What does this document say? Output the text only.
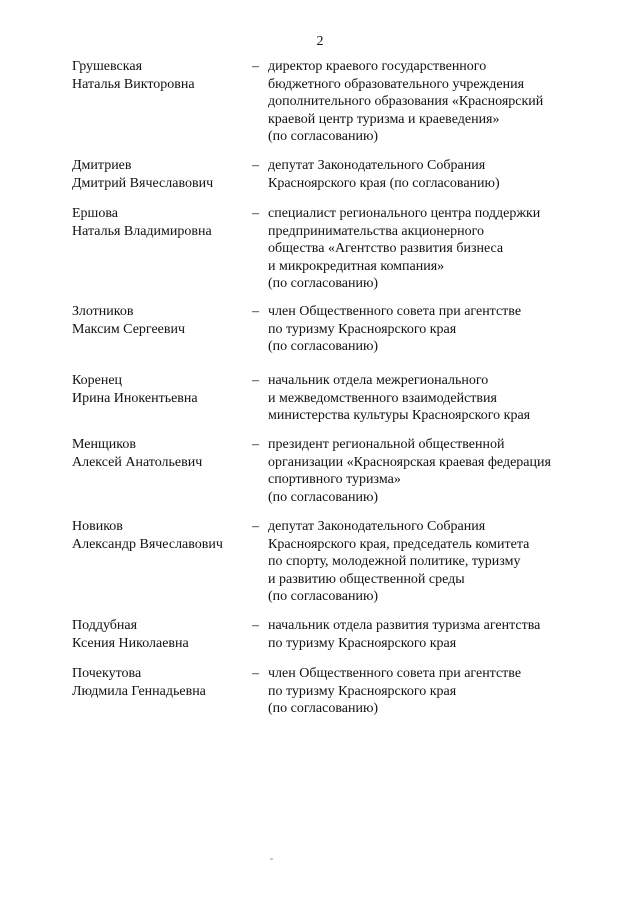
2
Грушевская
Наталья Викторовна
– директор краевого государственного
бюджетного образовательного учреждения
дополнительного образования «Красноярский
краевой центр туризма и краеведения»
(по согласованию)
Дмитриев
Дмитрий Вячеславович
– депутат Законодательного Собрания
Красноярского края (по согласованию)
Ершова
Наталья Владимировна
– специалист регионального центра поддержки
предпринимательства акционерного
общества «Агентство развития бизнеса
и микрокредитная компания»
(по согласованию)
Злотников
Максим Сергеевич
– член Общественного совета при агентстве
по туризму Красноярского края
(по согласованию)
Коренец
Ирина Инокентьевна
– начальник отдела межрегионального
и межведомственного взаимодействия
министерства культуры Красноярского края
Менщиков
Алексей Анатольевич
– президент региональной общественной
организации «Красноярская краевая федерация
спортивного туризма»
(по согласованию)
Новиков
Александр Вячеславович
– депутат Законодательного Собрания
Красноярского края, председатель комитета
по спорту, молодежной политике, туризму
и развитию общественной среды
(по согласованию)
Поддубная
Ксения Николаевна
– начальник отдела развития туризма агентства
по туризму Красноярского края
Почекутова
Людмила Геннадьевна
– член Общественного совета при агентстве
по туризму Красноярского края
(по согласованию)
